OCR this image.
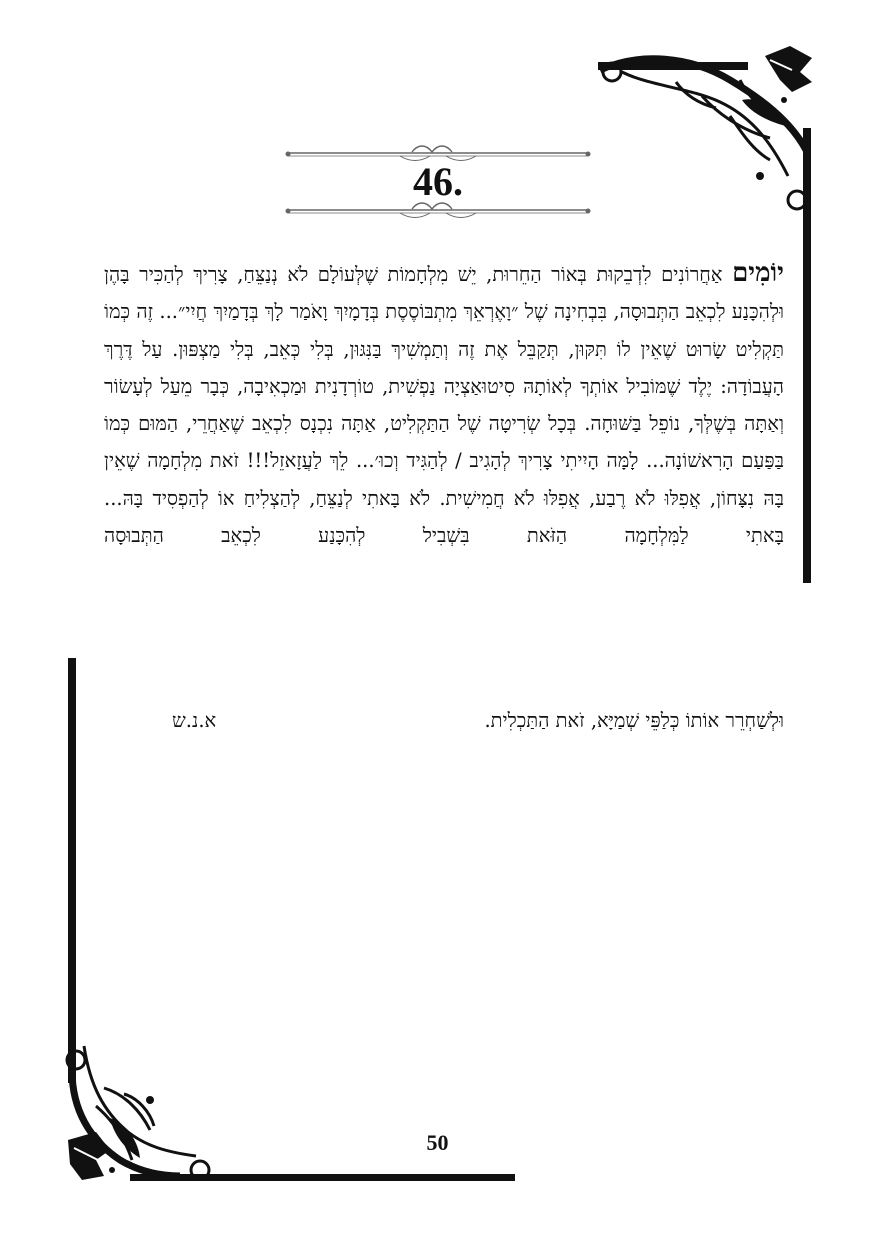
46.

יוֹמִים אַחֲרוֹנִים לִדְבֵקוּת בְּאוֹר הַחֵרוּת, יֵשׁ מִלְחָמוֹת שֶׁלְּעוֹלָם לֹא נְנַצֵּחַ, צָרִיךְ לְהַכִּיר בָּהֶן וּלְהִכָּנַע לִכְאֵב הַתְּבוּסָה, בִּבְחִינָה שֶׁל ״וָאֶרְאֵךְ מִתְבּוֹסֶסֶת בְּדָמָיִךְ וָאֹמַר לָךְ בְּדָמַיִךְ חֲיִי״... זֶה כְּמוֹ תַּקְלִיט שָׂרוּט שֶׁאֵין לוֹ תִּקּוּן, תְּקַבֵּל אֶת זֶה וְתַמְשִׁיךְ בַּנִּגּוּן, בְּלִי כְּאֵב, בְּלִי מַצְפּוּן. עַל דֶּרֶךְ הָעֲבוֹדָה: יֶלֶד שֶׁמּוֹבִיל אוֹתְךָ לְאוֹתָהּ סִיטוּאַצְיָה נַפְשִׁית, טוֹרְדָנִית וּמַכְאִיבָה, כְּבָר מֵעַל לְעָשׂוֹר וְאַתָּה בְּשֶׁלְּךָ, נוֹפֵל בַּשּׁוּחָה. בְּכָל שְׂרִיטָה שֶׁל הַתַּקְלִיט, אַתָּה נִכְנָס לִכְאֵב שֶׁאַחֲרֵי, הַמּוּם כְּמוֹ בַּפַּעַם הָרִאשׁוֹנָה... לָמָּה הָיִיתִי צָרִיךְ לְהָגִיב / לְהַגִּיד וְכוּ׳... לֵךְ לַעֲזָאזֵל!!! זֹאת מִלְחָמָה שֶׁאֵין בָּהּ נִצָּחוֹן, אֲפִלּוּ לֹא רֶבַע, אֲפִלּוּ לֹא חֲמִישִׁית. לֹא בָּאתִי לְנַצֵּחַ, לְהַצְלִיחַ אוֹ לְהַפְסִיד בָּהּ... בָּאתִי לַמִּלְחָמָה הַזֹּאת בִּשְׁבִיל לְהִכָּנַע לִכְאֵב הַתְּבוּסָה

וּלְשַׁחְרֵר אוֹתוֹ כְּלַפֵּי שְׁמַיָּא, זֹאת הַתַּכְלִית.
א.נ.ש
50
